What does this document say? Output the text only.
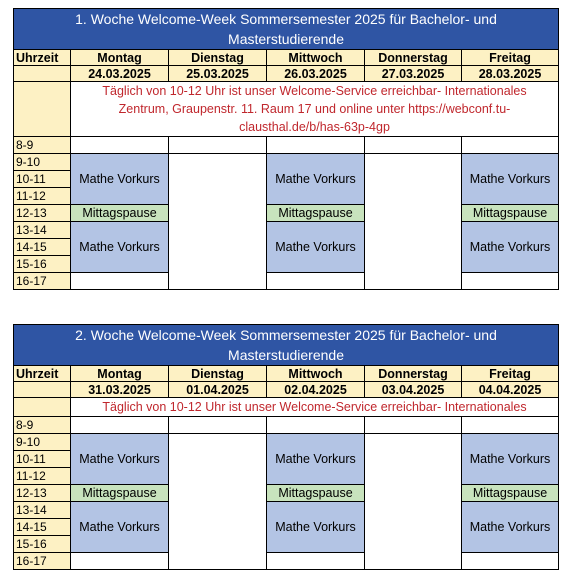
1. Woche Welcome-Week Sommersemester 2025 für Bachelor- und Masterstudierende						
Uhrzeit	Montag	Dienstag	Mittwoch	Donnerstag	Freitag	
	24.03.2025	25.03.2025	26.03.2025	27.03.2025	28.03.2025	
	Täglich von 10-12 Uhr ist unser Welcome-Service erreichbar- Internationales Zentrum, Graupenstr. 11. Raum 17 und online unter https://webconf.tu-clausthal.de/b/has-63p-4gp					
8-9						
9-10	Mathe Vorkurs		Mathe Vorkurs		Mathe Vorkurs	
10-11						
11-12						
12-13	Mittagspause		Mittagspause		Mittagspause	
13-14	Mathe Vorkurs		Mathe Vorkurs		Mathe Vorkurs	
14-15						
15-16						
16-17						
2. Woche Welcome-Week Sommersemester 2025 für Bachelor- und Masterstudierende						
Uhrzeit	Montag	Dienstag	Mittwoch	Donnerstag	Freitag	
	31.03.2025	01.04.2025	02.04.2025	03.04.2025	04.04.2025	
	Täglich von 10-12 Uhr ist unser Welcome-Service erreichbar- Internationales					
8-9						
9-10	Mathe Vorkurs		Mathe Vorkurs		Mathe Vorkurs	
10-11						
11-12						
12-13	Mittagspause		Mittagspause		Mittagspause	
13-14	Mathe Vorkurs		Mathe Vorkurs		Mathe Vorkurs	
14-15						
15-16						
16-17						
